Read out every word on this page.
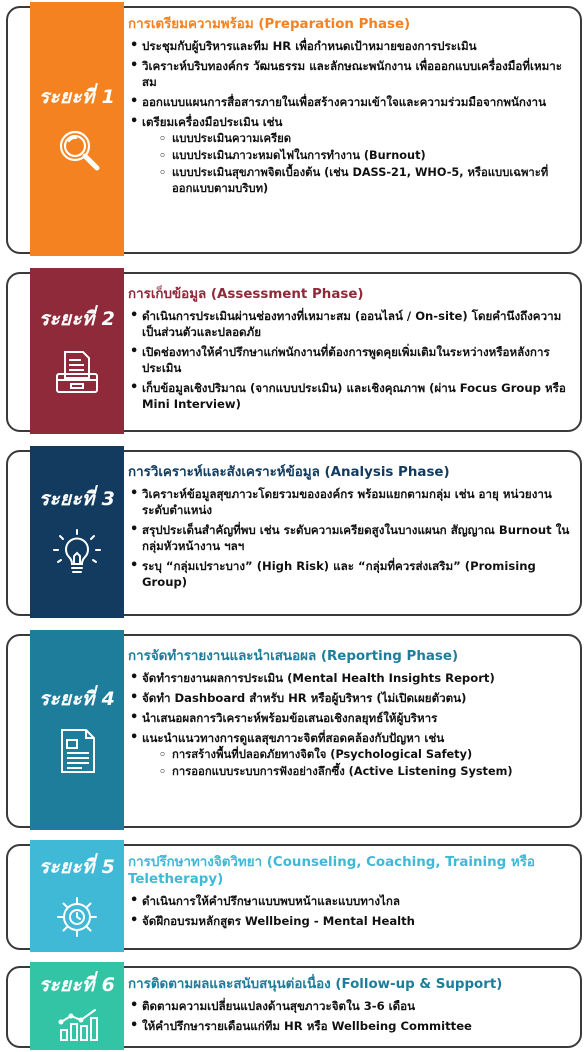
ระยะที่ 1
การเตรียมความพร้อม (Preparation Phase)
• ประชุมกับผู้บริหารและทีม HR เพื่อกำหนดเป้าหมายของการประเมิน
• วิเคราะห์บริบทองค์กร วัฒนธรรม และลักษณะพนักงาน เพื่อออกแบบเครื่องมือที่เหมาะสม
• ออกแบบแผนการสื่อสารภายในเพื่อสร้างความเข้าใจและความร่วมมือจากพนักงาน
• เตรียมเครื่องมือประเมิน เช่น
◦ แบบประเมินความเครียด
◦ แบบประเมินภาวะหมดไฟในการทำงาน (Burnout)
◦ แบบประเมินสุขภาพจิตเบื้องต้น (เช่น DASS-21, WHO-5, หรือแบบเฉพาะที่ออกแบบตามบริบท)
ระยะที่ 2
การเก็บข้อมูล (Assessment Phase)
• ดำเนินการประเมินผ่านช่องทางที่เหมาะสม (ออนไลน์ / On-site) โดยคำนึงถึงความเป็นส่วนตัวและปลอดภัย
• เปิดช่องทางให้คำปรึกษาแก่พนักงานที่ต้องการพูดคุยเพิ่มเติมในระหว่างหรือหลังการประเมิน
• เก็บข้อมูลเชิงปริมาณ (จากแบบประเมิน) และเชิงคุณภาพ (ผ่าน Focus Group หรือ Mini Interview)
ระยะที่ 3
การวิเคราะห์และสังเคราะห์ข้อมูล (Analysis Phase)
• วิเคราะห์ข้อมูลสุขภาวะโดยรวมขององค์กร พร้อมแยกตามกลุ่ม เช่น อายุ หน่วยงาน ระดับตำแหน่ง
• สรุปประเด็นสำคัญที่พบ เช่น ระดับความเครียดสูงในบางแผนก สัญญาณ Burnout ในกลุ่มหัวหน้างาน ฯลฯ
• ระบุ “กลุ่มเปราะบาง” (High Risk) และ “กลุ่มที่ควรส่งเสริม” (Promising Group)
ระยะที่ 4
การจัดทำรายงานและนำเสนอผล (Reporting Phase)
• จัดทำรายงานผลการประเมิน (Mental Health Insights Report)
• จัดทำ Dashboard สำหรับ HR หรือผู้บริหาร (ไม่เปิดเผยตัวตน)
• นำเสนอผลการวิเคราะห์พร้อมข้อเสนอเชิงกลยุทธ์ให้ผู้บริหาร
• แนะนำแนวทางการดูแลสุขภาวะจิตที่สอดคล้องกับปัญหา เช่น
◦ การสร้างพื้นที่ปลอดภัยทางจิตใจ (Psychological Safety)
◦ การออกแบบระบบการฟังอย่างลึกซึ้ง (Active Listening System)
ระยะที่ 5 การปรึกษาทางจิตวิทยา (Counseling, Coaching, Training หรือ Teletherapy)
• ดำเนินการให้คำปรึกษาแบบพบหน้าและแบบทางไกล
• จัดฝึกอบรมหลักสูตร Wellbeing - Mental Health
ระยะที่ 6 การติดตามผลและสนับสนุนต่อเนื่อง (Follow-up & Support)
• ติดตามความเปลี่ยนแปลงด้านสุขภาวะจิตใน 3-6 เดือน
• ให้คำปรึกษารายเดือนแก่ทีม HR หรือ Wellbeing Committee
